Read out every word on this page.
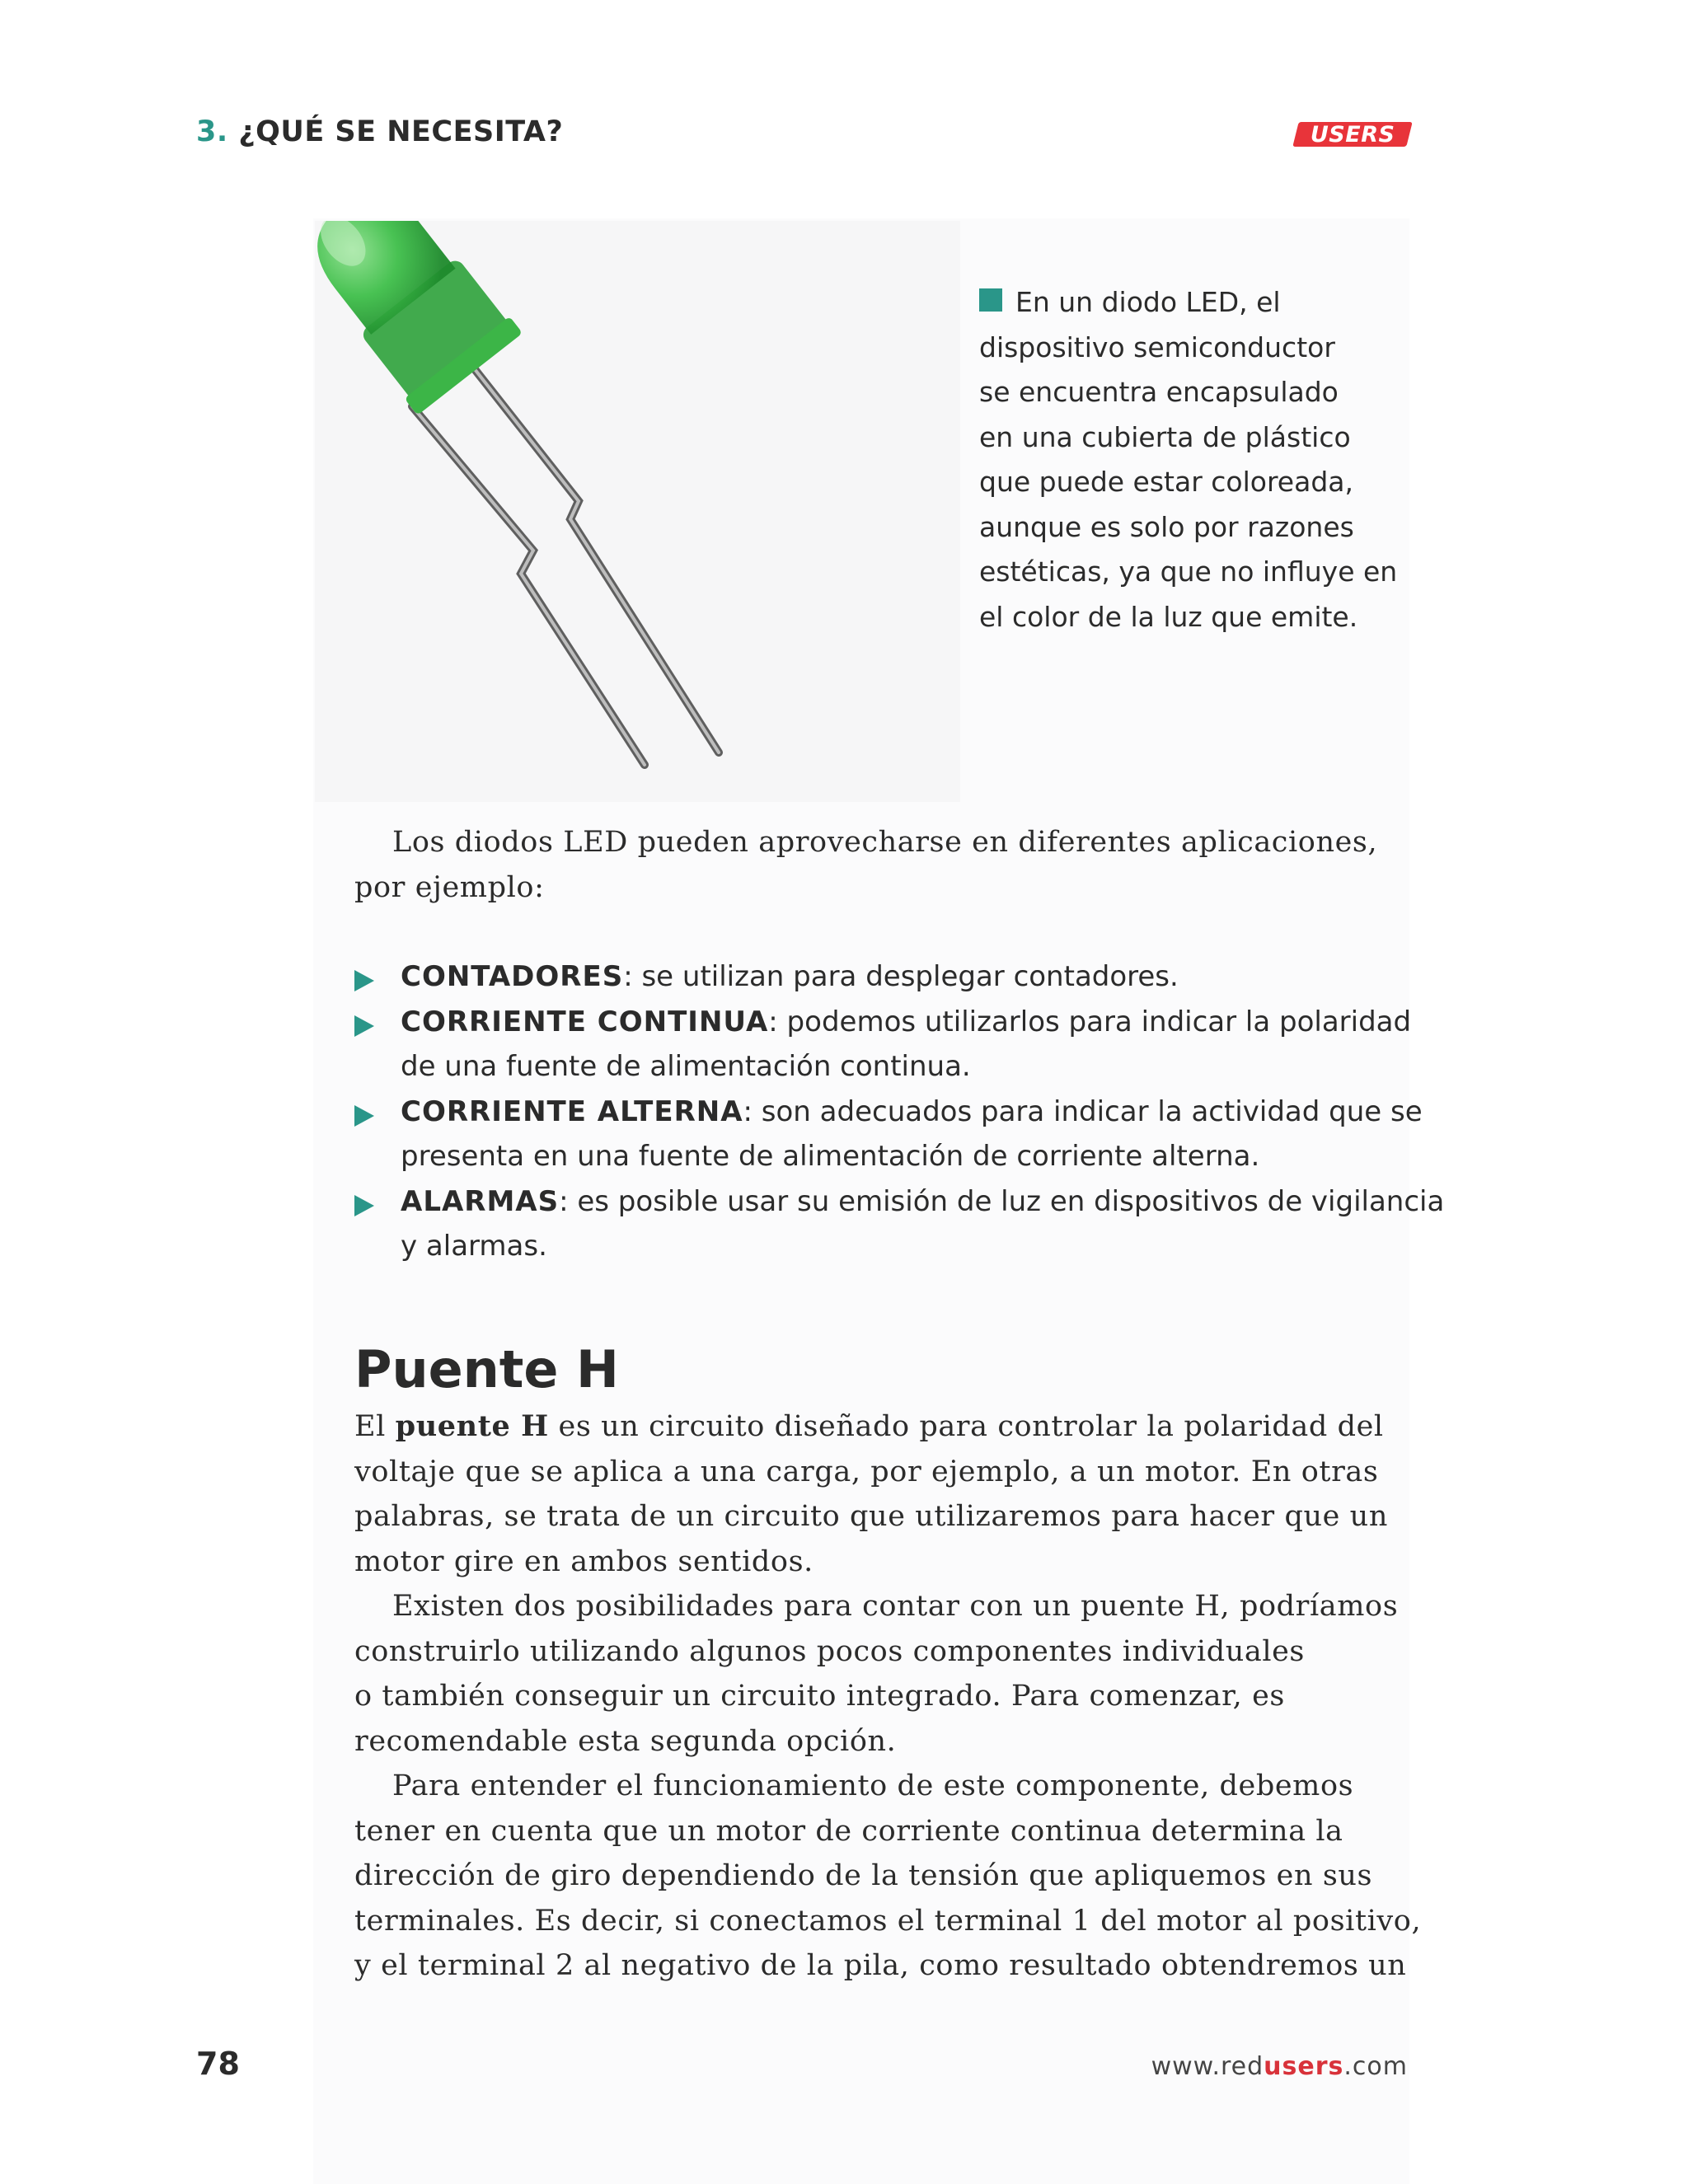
3. ¿QUÉ SE NECESITA?	USERS
En un diodo LED, el
dispositivo semiconductor
se encuentra encapsulado
en una cubierta de plástico
que puede estar coloreada,
aunque es solo por razones
estéticas, ya que no influye en
el color de la luz que emite.
Los diodos LED pueden aprovecharse en diferentes aplicaciones,
por ejemplo:
CONTADORES: se utilizan para desplegar contadores.
CORRIENTE CONTINUA: podemos utilizarlos para indicar la polaridad
de una fuente de alimentación continua.
CORRIENTE ALTERNA: son adecuados para indicar la actividad que se
presenta en una fuente de alimentación de corriente alterna.
ALARMAS: es posible usar su emisión de luz en dispositivos de vigilancia
y alarmas.
Puente H
El puente H es un circuito diseñado para controlar la polaridad del
voltaje que se aplica a una carga, por ejemplo, a un motor. En otras
palabras, se trata de un circuito que utilizaremos para hacer que un
motor gire en ambos sentidos.
Existen dos posibilidades para contar con un puente H, podríamos
construirlo utilizando algunos pocos componentes individuales
o también conseguir un circuito integrado. Para comenzar, es
recomendable esta segunda opción.
Para entender el funcionamiento de este componente, debemos
tener en cuenta que un motor de corriente continua determina la
dirección de giro dependiendo de la tensión que apliquemos en sus
terminales. Es decir, si conectamos el terminal 1 del motor al positivo,
y el terminal 2 al negativo de la pila, como resultado obtendremos un
78	www.redusers.com
